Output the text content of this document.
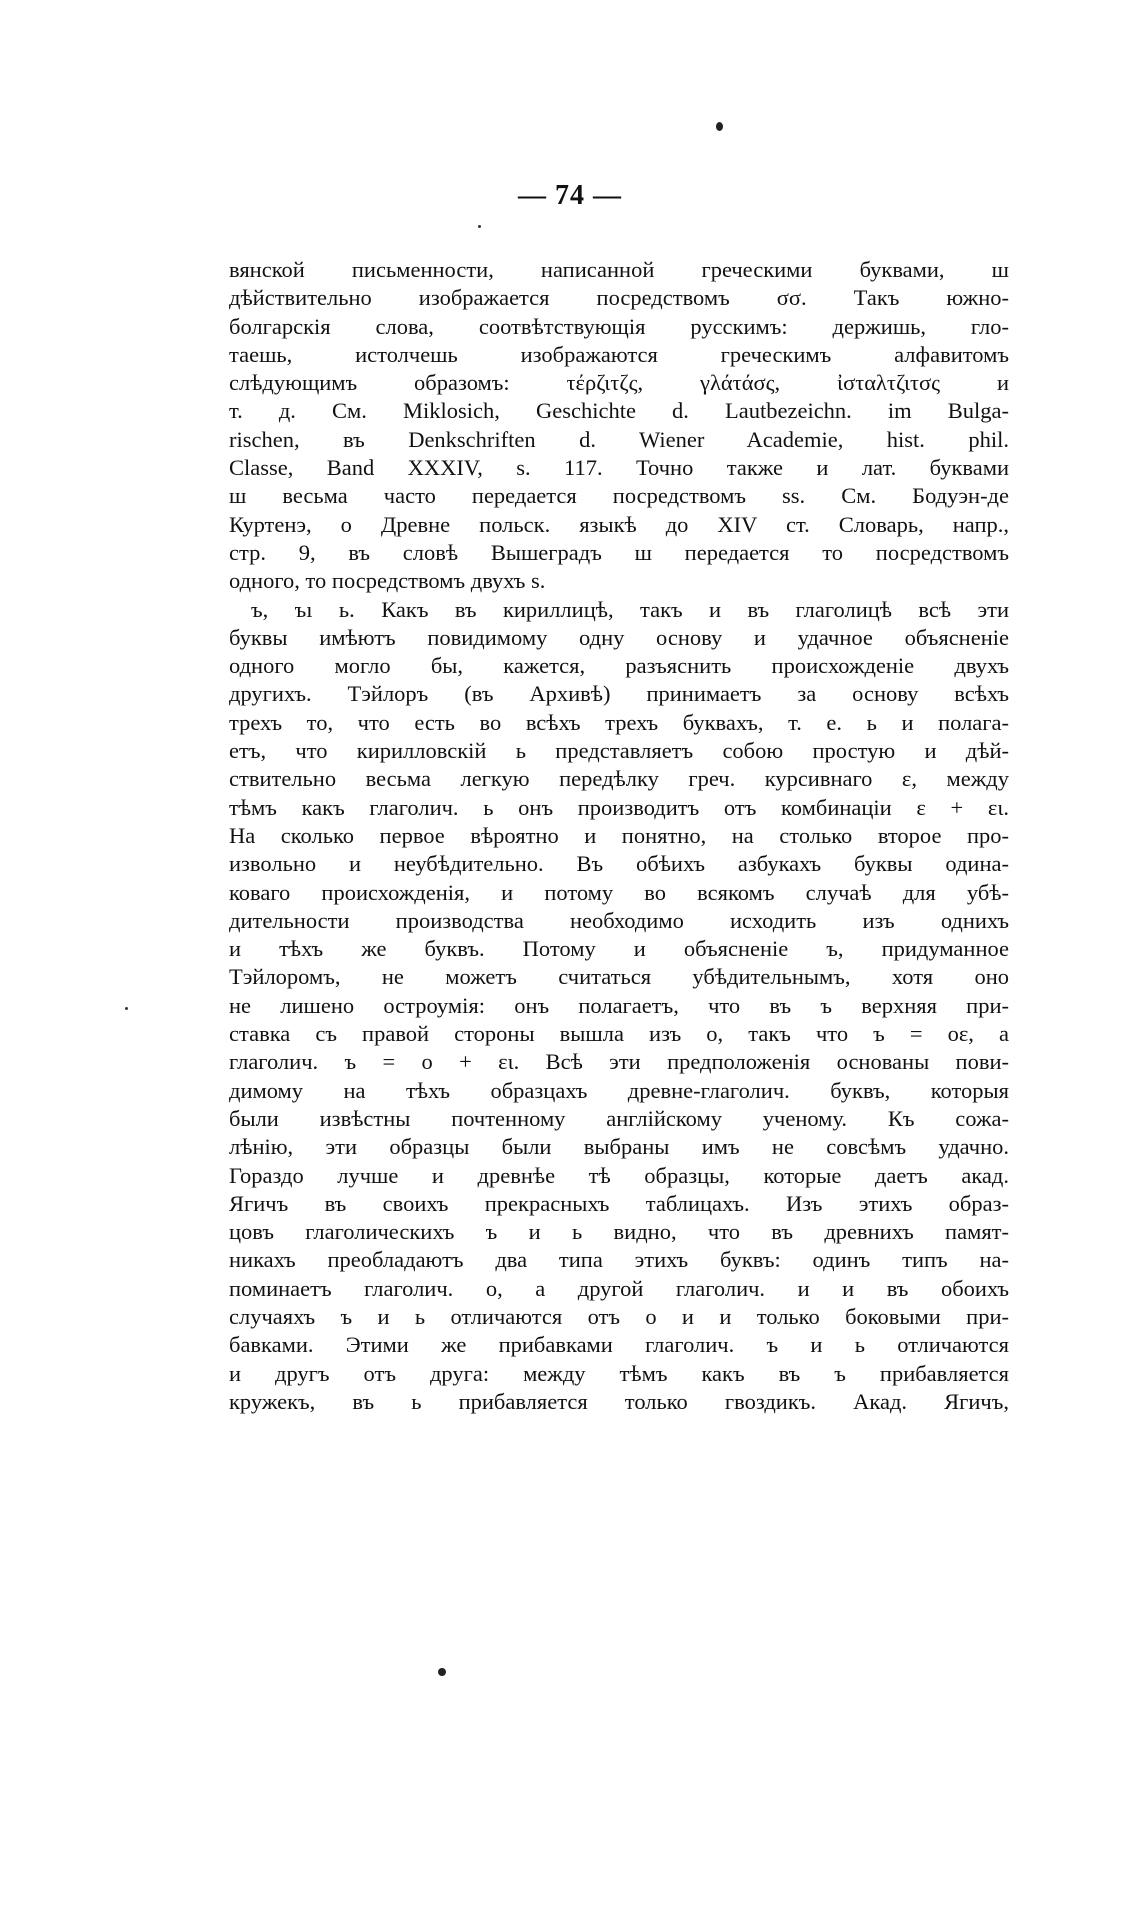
— 74 —
вянской письменности, написанной греческими буквами, ш
дѣйствительно изображается посредствомъ σσ. Такъ южно-
болгарскія слова, соотвѣтствующія русскимъ: держишь, гло-
таешь, истолчешь изображаются греческимъ алфавитомъ
слѣдующимъ образомъ: τέρζιτζς, γλάτάσς, ἰσταλτζιτσς и
т. д. См. Miklosich, Geschichte d. Lautbezeichn. im Bulga-
rischen, въ Denkschriften d. Wiener Academie, hist. phil.
Classe, Band XXXIV, s. 117. Точно также и лат. буквами
ш весьма часто передается посредствомъ ss. См. Бодуэн-де
Куртенэ, о Древне польск. языкѣ до XIV ст. Словарь, напр.,
стр. 9, въ словѣ Вышеградъ ш передается то посредствомъ
одного, то посредствомъ двухъ s.
ъ, ъı ь. Какъ въ кириллицѣ, такъ и въ глаголицѣ всѣ эти
буквы имѣютъ повидимому одну основу и удачное объясненіе
одного могло бы, кажется, разъяснить происхожденіе двухъ
другихъ. Тэйлоръ (въ Архивѣ) принимаетъ за основу всѣхъ
трехъ то, что есть во всѣхъ трехъ буквахъ, т. е. ь и полага-
етъ, что кирилловскій ь представляетъ собою простую и дѣй-
ствительно весьма легкую передѣлку греч. курсивнаго ε, между
тѣмъ какъ глаголич. ь онъ производитъ отъ комбинаціи ε + ει.
На сколько первое вѣроятно и понятно, на столько второе про-
извольно и неубѣдительно. Въ обѣихъ азбукахъ буквы одина-
коваго происхожденія, и потому во всякомъ случаѣ для убѣ-
дительности производства необходимо исходить изъ однихъ
и тѣхъ же буквъ. Потому и объясненіе ъ, придуманное
Тэйлоромъ, не можетъ считаться убѣдительнымъ, хотя оно
не лишено остроумія: онъ полагаетъ, что въ ъ верхняя при-
ставка съ правой стороны вышла изъ о, такъ что ъ = оε, а
глаголич. ъ = о + ει. Всѣ эти предположенія основаны пови-
димому на тѣхъ образцахъ древне-глаголич. буквъ, которыя
были извѣстны почтенному англійскому ученому. Къ сожа-
лѣнію, эти образцы были выбраны имъ не совсѣмъ удачно.
Гораздо лучше и древнѣе тѣ образцы, которые даетъ акад.
Ягичъ въ своихъ прекрасныхъ таблицахъ. Изъ этихъ образ-
цовъ глаголическихъ ъ и ь видно, что въ древнихъ памят-
никахъ преобладаютъ два типа этихъ буквъ: одинъ типъ на-
поминаетъ глаголич. о, а другой глаголич. и и въ обоихъ
случаяхъ ъ и ь отличаются отъ о и и только боковыми при-
бавками. Этими же прибавками глаголич. ъ и ь отличаются
и другъ отъ друга: между тѣмъ какъ въ ъ прибавляется
кружекъ, въ ь прибавляется только гвоздикъ. Акад. Ягичъ,
